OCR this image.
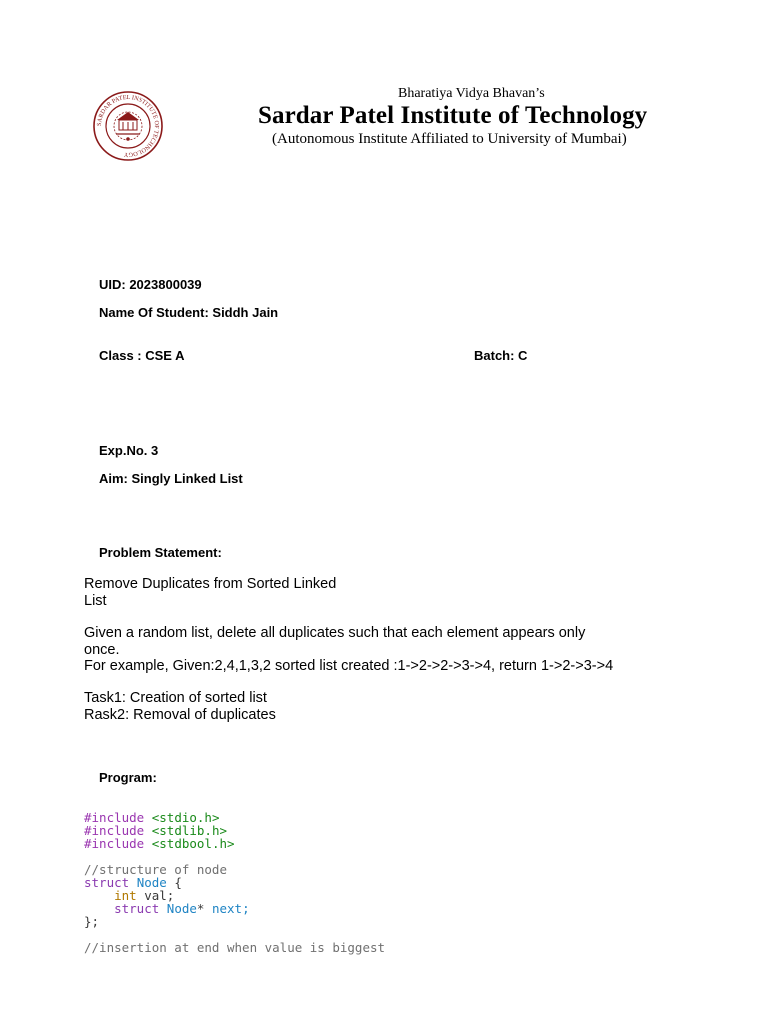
SARDAR PATEL INSTITUTE OF TECHNOLOGY
Bharatiya Vidya Bhavan’s
Sardar Patel Institute of Technology
(Autonomous Institute Affiliated to University of Mumbai)
UID: 2023800039
Name Of Student: Siddh Jain
Class : CSE A	Batch: C
Exp.No. 3
Aim: Singly Linked List
Problem Statement:
Remove Duplicates from Sorted Linked
List
Given a random list, delete all duplicates such that each element appears only
once.
For example, Given:2,4,1,3,2 sorted list created :1->2->2->3->4, return 1->2->3->4
Task1: Creation of sorted list
Rask2: Removal of duplicates
Program:
#include <stdio.h>
#include <stdlib.h>
#include <stdbool.h>

//structure of node
struct Node {
int val;
struct Node* next;
};

//insertion at end when value is biggest
